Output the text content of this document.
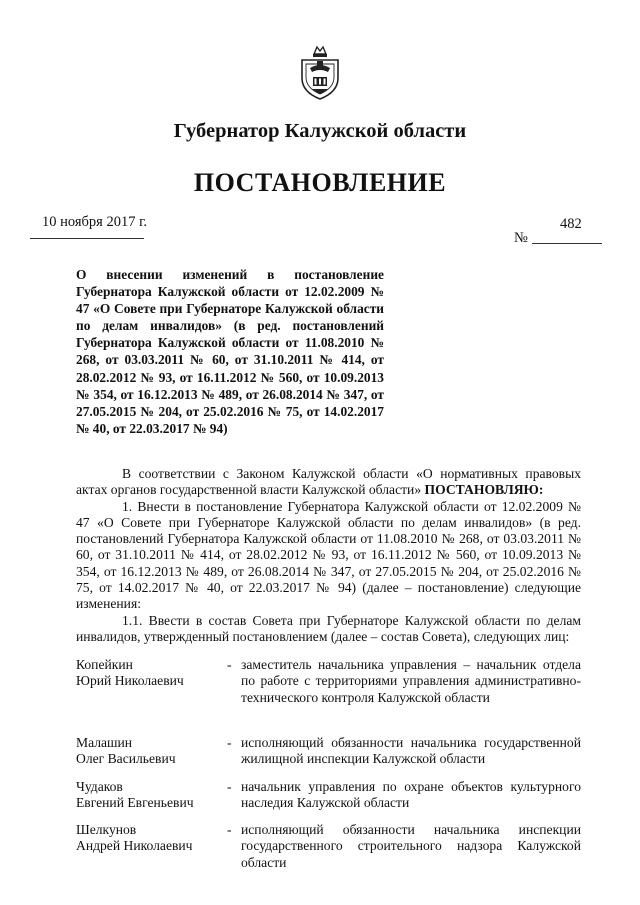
Губернатор Калужской области
ПОСТАНОВЛЕНИЕ
10 ноября 2017 г.	482
№
О внесении изменений в постановление Губернатора Калужской области от 12.02.2009 № 47 «О Совете при Губернаторе Калужской области по делам инвалидов» (в ред. постановлений Губернатора Калужской области от 11.08.2010 № 268, от 03.03.2011 № 60, от 31.10.2011 № 414, от 28.02.2012 № 93, от 16.11.2012 № 560, от 10.09.2013 № 354, от 16.12.2013 № 489, от 26.08.2014 № 347, от 27.05.2015 № 204, от 25.02.2016 № 75, от 14.02.2017 № 40, от 22.03.2017 № 94)

В соответствии с Законом Калужской области «О нормативных правовых актах органов государственной власти Калужской области» ПОСТАНОВЛЯЮ:

1. Внести в постановление Губернатора Калужской области от 12.02.2009 № 47 «О Совете при Губернаторе Калужской области по делам инвалидов» (в ред. постановлений Губернатора Калужской области от 11.08.2010 № 268, от 03.03.2011 № 60, от 31.10.2011 № 414, от 28.02.2012 № 93, от 16.11.2012 № 560, от 10.09.2013 № 354, от 16.12.2013 № 489, от 26.08.2014 № 347, от 27.05.2015 № 204, от 25.02.2016 № 75, от 14.02.2017 № 40, от 22.03.2017 № 94) (далее – постановление) следующие изменения:

1.1. Ввести в состав Совета при Губернаторе Калужской области по делам инвалидов, утвержденный постановлением (далее – состав Совета), следующих лиц:

Копейкин
Юрий Николаевич
- заместитель начальника управления – начальник отдела по работе с территориями управления административно-технического контроля Калужской области
Малашин
Олег Васильевич
- исполняющий обязанности начальника государственной жилищной инспекции Калужской области
Чудаков
Евгений Евгеньевич
- начальник управления по охране объектов культурного наследия Калужской области
Шелкунов
Андрей Николаевич
- исполняющий обязанности начальника инспекции государственного строительного надзора Калужской области
